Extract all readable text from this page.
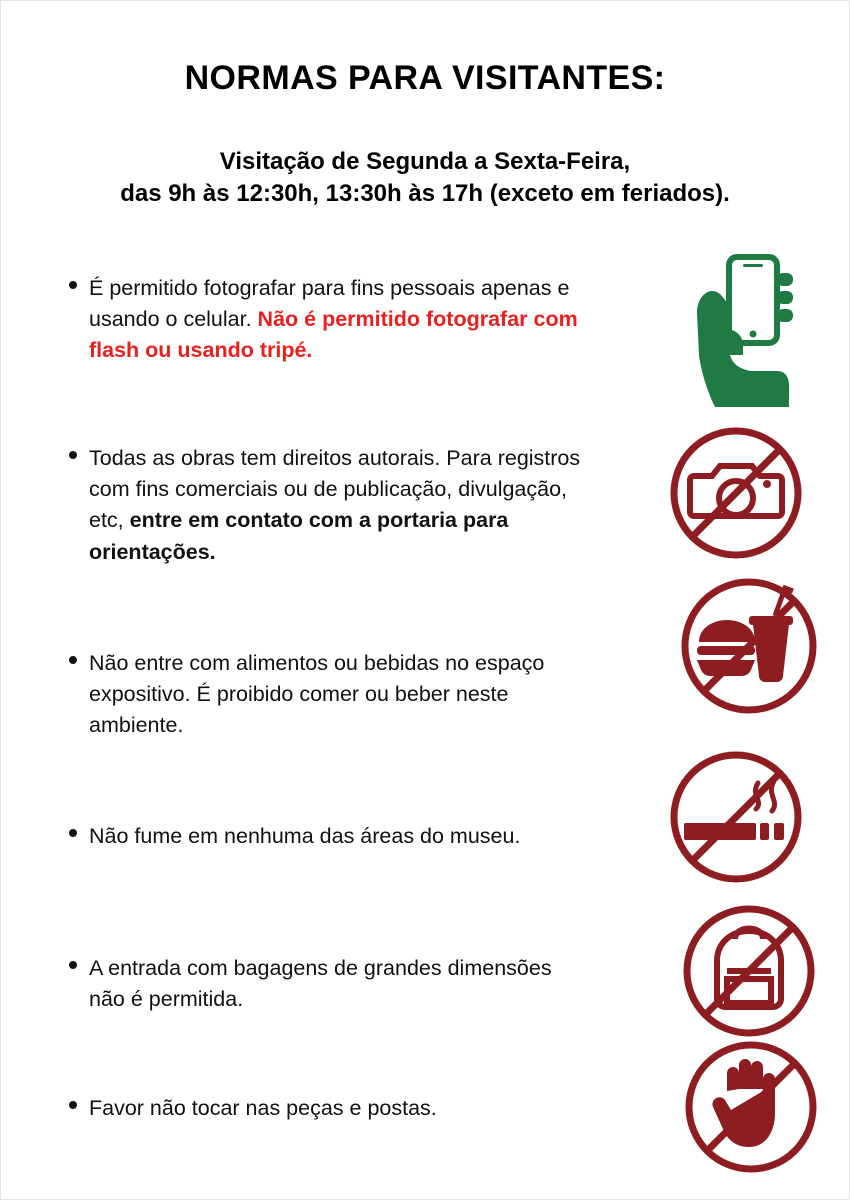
NORMAS PARA VISITANTES:
Visitação de Segunda a Sexta-Feira,
das 9h às 12:30h, 13:30h às 17h (exceto em feriados).
É permitido fotografar para fins pessoais apenas e usando o celular. Não é permitido fotografar com flash ou usando tripé.
Todas as obras tem direitos autorais. Para registros com fins comerciais ou de publicação, divulgação, etc, entre em contato com a portaria para orientações.
Não entre com alimentos ou bebidas no espaço expositivo. É proibido comer ou beber neste ambiente.
Não fume em nenhuma das áreas do museu.
A entrada com bagagens de grandes dimensões não é permitida.
Favor não tocar nas peças e postas.
